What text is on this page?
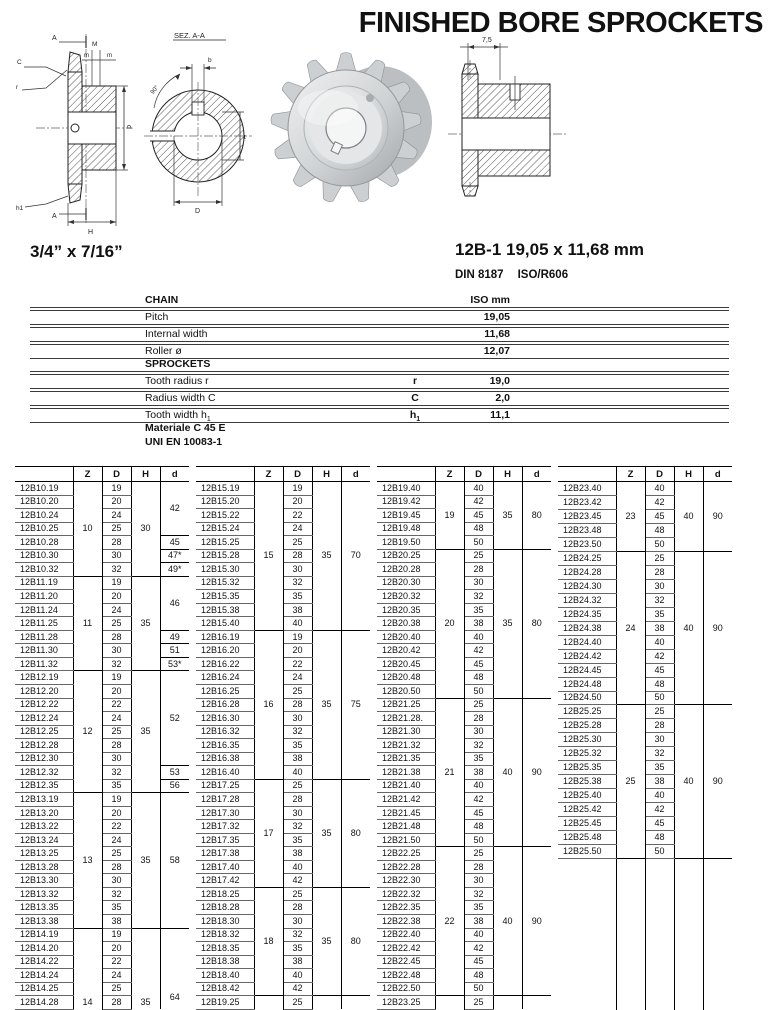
FINISHED BORE SPROCKETS
M
m	m
A
A
C
r
h1
d
H
SEZ. A-A
b
D
t
90°
7,5
3/4” x 7/16”	12B-1 19,05 x 11,68 mm
DIN 8187 ISO/R606
CHAIN	ISO mm
Pitch	19,05
Internal width	11,68
Roller ø	12,07
SPROCKETS
Tooth radius r	r	19,0
Radius width C	C	2,0
Tooth width $h_1$	$h_1$	11,1
Materiale C 45 E
UNI EN 10083-1
	Z	D	H	d
12B10.19	10	19	30	42
12B10.20		20		
12B10.24		24		
12B10.25		25		
12B10.28		28		45
12B10.30		30		47*
12B10.32		32		49*
12B11.19	11	19	35	46
12B11.20		20		
12B11.24		24		
12B11.25		25		
12B11.28		28		49
12B11.30		30		51
12B11.32		32		53*
12B12.19	12	19	35	52
12B12.20		20		
12B12.22		22		
12B12.24		24		
12B12.25		25		
12B12.28		28		
12B12.30		30		
12B12.32		32		53
12B12.35		35		56
12B13.19	13	19	35	58
12B13.20		20		
12B13.22		22		
12B13.24		24		
12B13.25		25		
12B13.28		28		
12B13.30		30		
12B13.32		32		
12B13.35		35		
12B13.38		38		
12B14.19	14	19	35	64
12B14.20		20		
12B14.22		22		
12B14.24		24		
12B14.25		25		
12B14.28		28		
	Z	D	H	d
12B15.19	15	19	35	70
12B15.20		20		
12B15.22		22		
12B15.24		24		
12B15.25		25		
12B15.28		28		
12B15.30		30		
12B15.32		32		
12B15.35		35		
12B15.38		38		
12B15.40		40		
12B16.19	16	19	35	75
12B16.20		20		
12B16.22		22		
12B16.24		24		
12B16.25		25		
12B16.28		28		
12B16.30		30		
12B16.32		32		
12B16.35		35		
12B16.38		38		
12B16.40		40		
12B17.25	17	25	35	80
12B17.28		28		
12B17.30		30		
12B17.32		32		
12B17.35		35		
12B17.38		38		
12B17.40		40		
12B17.42		42		
12B18.25	18	25	35	80
12B18.28		28		
12B18.30		30		
12B18.32		32		
12B18.35		35		
12B18.38		38		
12B18.40		40		
12B18.42		42		
12B19.25		25		
	Z	D	H	d
12B19.40	19	40	35	80
12B19.42		42		
12B19.45		45		
12B19.48		48		
12B19.50		50		
12B20.25	20	25	35	80
12B20.28		28		
12B20.30		30		
12B20.32		32		
12B20.35		35		
12B20.38		38		
12B20.40		40		
12B20.42		42		
12B20.45		45		
12B20.48		48		
12B20.50		50		
12B21.25	21	25	40	90
12B21.28.		28		
12B21.30		30		
12B21.32		32		
12B21.35		35		
12B21.38		38		
12B21.40		40		
12B21.42		42		
12B21.45		45		
12B21.48		48		
12B21.50		50		
12B22.25	22	25	40	90
12B22.28		28		
12B22.30		30		
12B22.32		32		
12B22.35		35		
12B22.38		38		
12B22.40		40		
12B22.42		42		
12B22.45		45		
12B22.48		48		
12B22.50		50		
12B23.25		25		
	Z	D	H	d
12B23.40	23	40	40	90
12B23.42		42		
12B23.45		45		
12B23.48		48		
12B23.50		50		
12B24.25	24	25	40	90
12B24.28		28		
12B24.30		30		
12B24.32		32		
12B24.35		35		
12B24.38		38		
12B24.40		40		
12B24.42		42		
12B24.45		45		
12B24.48		48		
12B24.50		50		
12B25.25	25	25	40	90
12B25.28		28		
12B25.30		30		
12B25.32		32		
12B25.35		35		
12B25.38		38		
12B25.40		40		
12B25.42		42		
12B25.45		45		
12B25.48		48		
12B25.50		50		
